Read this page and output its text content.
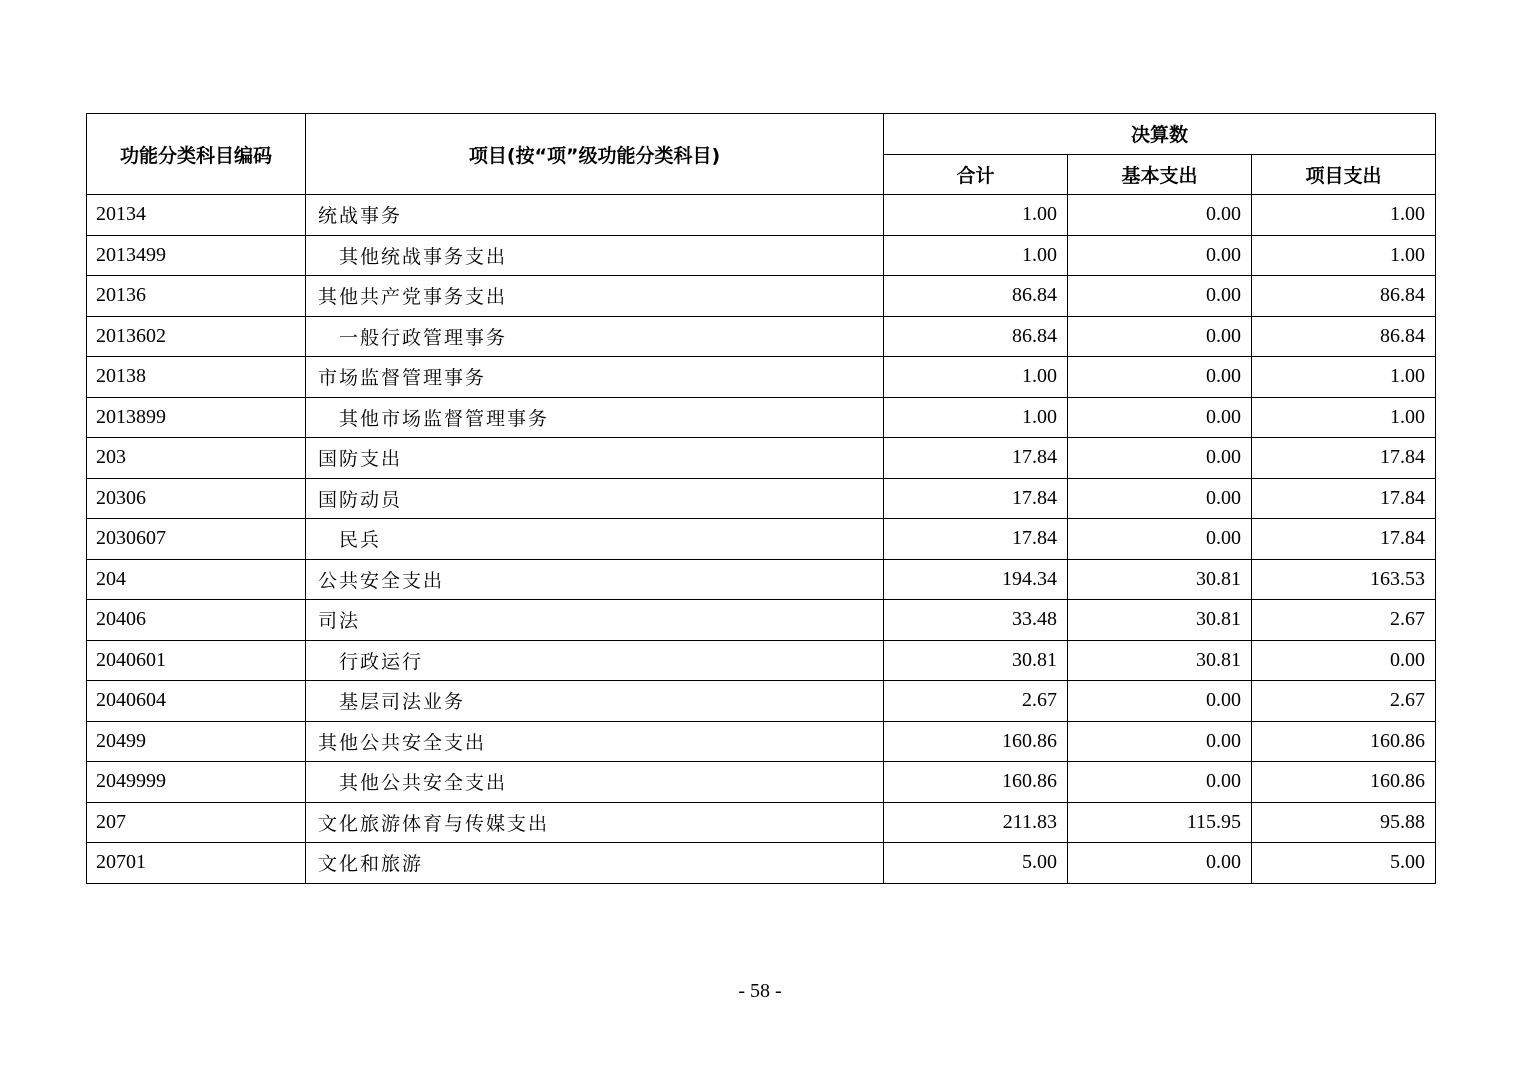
功能分类科目编码	项目(按“项”级功能分类科目)	决算数		
		合计	基本支出	项目支出
20134	统战事务	1.00	0.00	1.00
2013499	其他统战事务支出	1.00	0.00	1.00
20136	其他共产党事务支出	86.84	0.00	86.84
2013602	一般行政管理事务	86.84	0.00	86.84
20138	市场监督管理事务	1.00	0.00	1.00
2013899	其他市场监督管理事务	1.00	0.00	1.00
203	国防支出	17.84	0.00	17.84
20306	国防动员	17.84	0.00	17.84
2030607	民兵	17.84	0.00	17.84
204	公共安全支出	194.34	30.81	163.53
20406	司法	33.48	30.81	2.67
2040601	行政运行	30.81	30.81	0.00
2040604	基层司法业务	2.67	0.00	2.67
20499	其他公共安全支出	160.86	0.00	160.86
2049999	其他公共安全支出	160.86	0.00	160.86
207	文化旅游体育与传媒支出	211.83	115.95	95.88
20701	文化和旅游	5.00	0.00	5.00
- 58 -
